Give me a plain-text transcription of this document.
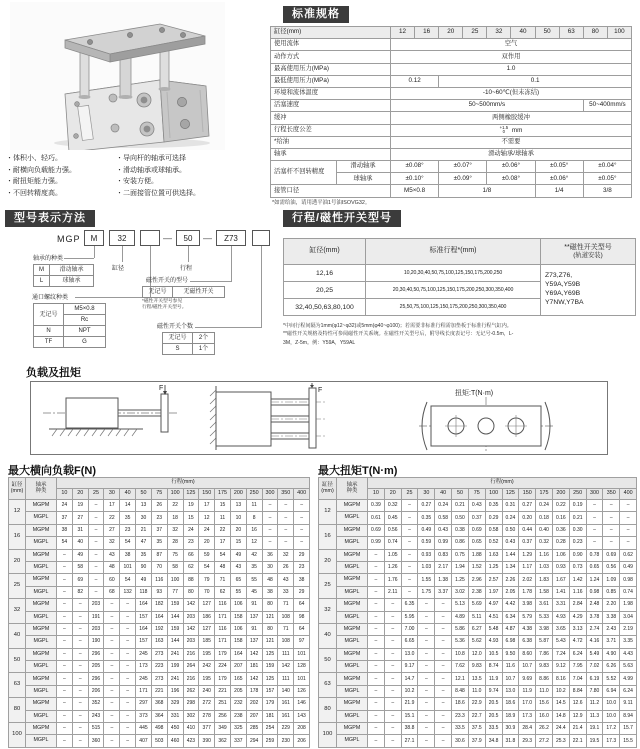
・ 体积小、轻巧。
・ 耐横向负载能力强。
・ 耐扭矩能力强。
・ 不回转精度高。
・ 导向杆的轴承可选择
・ 滑动轴承或球轴承。
・ 安装方便。
・ 二面接管位置可供选择。
标准规格
缸径(mm)		12	16	20	25	32	40	50	63	80	100
使用流体		空气									
动作方式		双作用									
最高使用压力(MPa)		1.0									
最低使用压力(MPa)		0.12		0.1							
环境和流体温度		-10~60℃(但未冻结)									
活塞速度		50~500mm/s								50~400mm/s	
缓冲		两侧橡胶缓冲									
行程长度公差		+1.5
0 mm									
*给油		不需要									
轴承		滑动轴承/球轴承									
活塞杆不回转精度	滑动轴承	±0.08°		±0.07°		±0.06°		±0.05°		±0.04°	
	球轴承	±0.10°		±0.09°		±0.08°		±0.06°		±0.05°	
接管口径		M5×0.8		1/8				1/4		3/8	
*如需给油，请用透平油1号油ISOVG32。
型号表示方法
MGP	M	32	—	50	—	Z73
轴承的种类
M	滑动轴承
L	球轴承
缸径	行程
通口螺纹种类
无记号	M5×0.8
	Rc
N	NPT
TF	G
磁性开关的型号
无记号	无磁性开关
*磁性开关型号参见
行程/磁性开关型号。
磁性开关个数
无记号	2个
S	1个
行程/磁性开关型号
缸径(mm)	标准行程*(mm)	**磁性开关型号
(轨道安装)

12,16	10,20,30,40,50,75,100,125,150,175,200,250	Z73,Z76,
Y59A,Y59B
Y69A,Y69B
Y7NW,Y7BA

20,25	20,30,40,50,75,100,125,150,175,200,250,300,350,400	
32,40,50,63,80,100	25,50,75,100,125,150,175,200,250,300,350,400	
*中间行程间隔为1mm(φ12~φ32)或5mm(φ40~φ100)；若需要非标准行程需加垫板于标准行程气缸内。
**磁性开关规格及特性可参阅磁性开关系统。在磁性开关型号后，附导线长度表记号：无记号-0.5m，L-
3M，Z-5m。例：Y59A，Y59AL
负载及扭矩
F	F	扭矩:T(N·m)
最大横向负载F(N)
缸径
(mm)

轴承
种类
	行程(mm)
		10	20	25	30	40	50	75	100	125	150	175	200	250	300	350	400
12	MGPM	24	19	–	17	14	13	26	22	19	17	15	13	11	–	–	–
	MGPL	37	27	–	22	35	30	23	18	15	12	11	10	8	–	–	–
16	MGPM	38	31	–	27	23	21	37	32	24	24	22	20	16	–	–	–
	MGPL	54	40	–	32	54	47	35	28	23	20	17	15	12	–	–	–
20	MGPM	–	49	–	43	38	35	87	75	66	59	54	49	42	36	32	29
	MGPL	–	58	–	48	101	90	70	58	62	54	48	43	35	30	26	23
25	MGPM	–	69	–	60	54	49	116	100	88	79	71	65	55	48	43	38
	MGPL	–	82	–	68	132	118	93	77	80	70	62	55	45	38	33	29
32	MGPM	–	–	203	–	–	164	182	159	142	127	116	106	91	80	71	64
	MGPL	–	–	191	–	–	157	164	144	203	186	171	158	137	121	108	98
40	MGPM	–	–	203	–	–	164	192	159	142	127	116	106	91	80	71	64
	MGPL	–	–	190	–	–	157	163	144	203	185	171	158	137	121	108	97
50	MGPM	–	–	296	–	–	245	273	241	216	195	179	164	142	125	111	101
	MGPL	–	–	205	–	–	173	223	199	264	242	224	207	181	159	142	128
63	MGPM	–	–	296	–	–	245	273	241	216	195	179	165	142	125	111	101
	MGPL	–	–	206	–	–	171	221	196	262	240	221	205	178	157	140	126
80	MGPM	–	–	352	–	–	297	368	329	298	272	251	232	202	179	161	146
	MGPL	–	–	243	–	–	373	364	331	302	278	256	238	207	181	161	143
100	MGPM	–	–	515	–	–	445	498	450	410	377	349	325	285	254	229	208
	MGPL	–	–	360	–	–	407	503	460	423	390	362	337	294	259	230	206
最大扭矩T(N·m)
缸径
(mm)

轴承
种类
	行程(mm)
		10	20	25	30	40	50	75	100	125	150	175	200	250	300	350	400
12	MGPM	0.39	0.32	–	0.27	0.24	0.21	0.43	0.35	0.31	0.27	0.24	0.22	0.19	–	–	–
	MGPL	0.61	0.45	–	0.35	0.58	0.50	0.37	0.29	0.24	0.20	0.18	0.16	0.21	–	–	–
16	MGPM	0.69	0.56	–	0.49	0.43	0.38	0.69	0.58	0.50	0.44	0.40	0.36	0.30	–	–	–
	MGPL	0.99	0.74	–	0.59	0.99	0.86	0.65	0.52	0.43	0.37	0.32	0.28	0.23	–	–	–
20	MGPM	–	1.05	–	0.93	0.83	0.75	1.88	1.63	1.44	1.29	1.16	1.06	0.90	0.78	0.69	0.62
	MGPL	–	1.26	–	1.03	2.17	1.94	1.52	1.25	1.34	1.17	1.03	0.93	0.73	0.65	0.56	0.49
25	MGPM	–	1.76	–	1.55	1.38	1.25	2.96	2.57	2.26	2.02	1.83	1.67	1.42	1.24	1.09	0.98
	MGPL	–	2.11	–	1.75	3.37	3.02	2.38	1.97	2.05	1.78	1.58	1.41	1.16	0.98	0.85	0.74
32	MGPM	–	–	6.35	–	–	5.13	5.69	4.97	4.42	3.98	3.61	3.31	2.84	2.48	2.20	1.98
	MGPL	–	–	5.95	–	–	4.89	5.11	4.51	6.34	5.79	5.33	4.93	4.29	3.78	3.38	3.04
40	MGPM	–	–	7.00	–	–	5.86	6.27	5.48	4.87	4.38	3.98	3.65	3.13	2.74	2.43	2.19
	MGPL	–	–	6.65	–	–	5.36	5.62	4.93	6.98	6.38	5.87	5.43	4.72	4.16	3.71	3.35
50	MGPM	–	–	13.0	–	–	10.8	12.0	10.5	9.50	8.60	7.86	7.24	6.24	5.49	4.90	4.43
	MGPL	–	–	9.17	–	–	7.62	9.83	8.74	11.6	10.7	9.83	9.12	7.95	7.02	6.26	5.63
63	MGPM	–	–	14.7	–	–	12.1	13.5	11.9	10.7	9.69	8.86	8.16	7.04	6.19	5.52	4.99
	MGPL	–	–	10.2	–	–	8.48	11.0	9.74	13.0	11.9	11.0	10.2	8.84	7.80	6.94	6.24
80	MGPM	–	–	21.9	–	–	18.6	22.9	20.5	18.6	17.0	15.6	14.5	12.6	11.2	10.0	9.11
	MGPL	–	–	15.1	–	–	23.3	22.7	20.5	18.9	17.3	16.0	14.8	12.9	11.3	10.0	8.94
100	MGPM	–	–	38.8	–	–	33.5	37.5	33.5	30.9	28.4	26.2	24.4	21.4	19.1	17.2	15.7
	MGPL	–	–	27.1	–	–	30.6	37.9	34.8	31.8	29.3	27.2	25.3	22.1	19.5	17.3	15.5
